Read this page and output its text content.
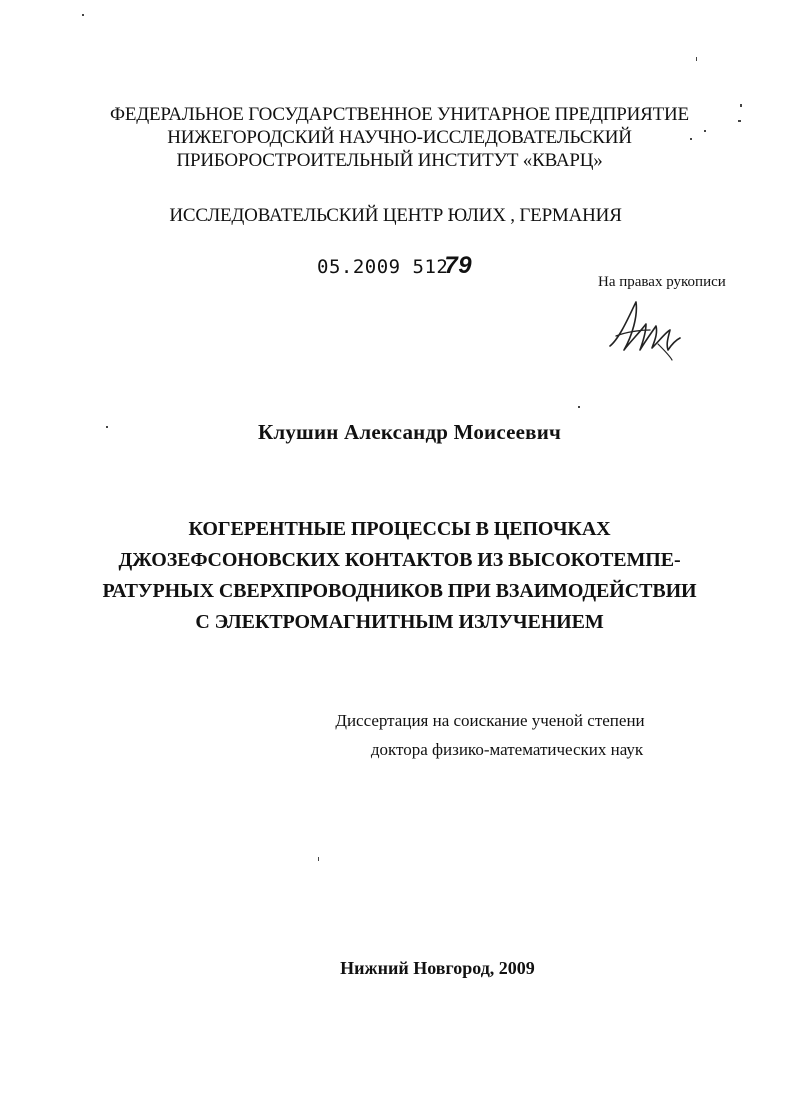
ФЕДЕРАЛЬНОЕ ГОСУДАРСТВЕННОЕ УНИТАРНОЕ ПРЕДПРИЯТИЕ
НИЖЕГОРОДСКИЙ НАУЧНО-ИССЛЕДОВАТЕЛЬСКИЙ
ПРИБОРОСТРОИТЕЛЬНЫЙ ИНСТИТУТ «КВАРЦ»
ИССЛЕДОВАТЕЛЬСКИЙ ЦЕНТР ЮЛИХ , ГЕРМАНИЯ
05.2009 51279
На правах рукописи
Клушин Александр Моисеевич
КОГЕРЕНТНЫЕ ПРОЦЕССЫ В ЦЕПОЧКАХ
ДЖОЗЕФСОНОВСКИХ КОНТАКТОВ ИЗ ВЫСОКОТЕМПЕ-
РАТУРНЫХ СВЕРХПРОВОДНИКОВ ПРИ ВЗАИМОДЕЙСТВИИ
С ЭЛЕКТРОМАГНИТНЫМ ИЗЛУЧЕНИЕМ
Диссертация на соискание ученой степени
доктора физико-математических наук
Нижний Новгород, 2009
